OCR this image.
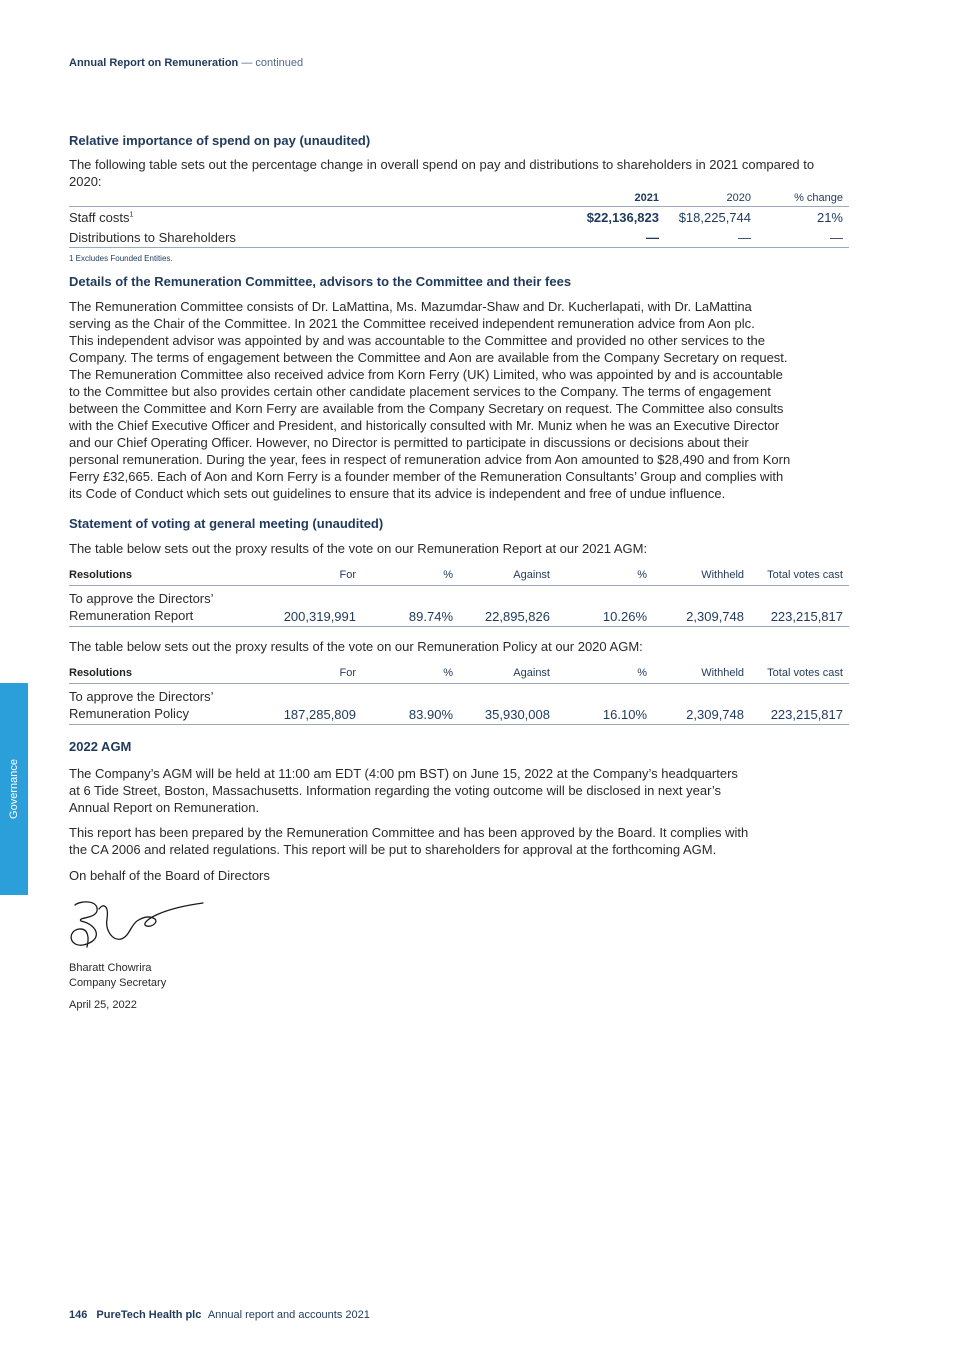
Annual Report on Remuneration — continued
Relative importance of spend on pay (unaudited)

The following table sets out the percentage change in overall spend on pay and distributions to shareholders in 2021 compared to 2020:

	2021	2020	% change
Staff costs$^1$	$22,136,823	$18,225,744	21%
Distributions to Shareholders	—	—	—
1 Excludes Founded Entities.
Details of the Remuneration Committee, advisors to the Committee and their fees
The Remuneration Committee consists of Dr. LaMattina, Ms. Mazumdar-Shaw and Dr. Kucherlapati, with Dr. LaMattina
serving as the Chair of the Committee. In 2021 the Committee received independent remuneration advice from Aon plc.
This independent advisor was appointed by and was accountable to the Committee and provided no other services to the
Company. The terms of engagement between the Committee and Aon are available from the Company Secretary on request.
The Remuneration Committee also received advice from Korn Ferry (UK) Limited, who was appointed by and is accountable
to the Committee but also provides certain other candidate placement services to the Company. The terms of engagement
between the Committee and Korn Ferry are available from the Company Secretary on request. The Committee also consults
with the Chief Executive Officer and President, and historically consulted with Mr. Muniz when he was an Executive Director
and our Chief Operating Officer. However, no Director is permitted to participate in discussions or decisions about their
personal remuneration. During the year, fees in respect of remuneration advice from Aon amounted to $28,490 and from Korn
Ferry £32,665. Each of Aon and Korn Ferry is a founder member of the Remuneration Consultants’ Group and complies with
its Code of Conduct which sets out guidelines to ensure that its advice is independent and free of undue influence.
Statement of voting at general meeting (unaudited)

The table below sets out the proxy results of the vote on our Remuneration Report at our 2021 AGM:

Resolutions	For	%	Against	%	Withheld	Total votes cast

To approve the Directors’
Remuneration Report	200,319,991	89.74%	22,895,826	10.26%	2,309,748	223,215,817

The table below sets out the proxy results of the vote on our Remuneration Policy at our 2020 AGM:

Resolutions	For	%	Against	%	Withheld	Total votes cast

To approve the Directors’
Remuneration Policy	187,285,809	83.90%	35,930,008	16.10%	2,309,748	223,215,817
2022 AGM
The Company’s AGM will be held at 11:00 am EDT (4:00 pm BST) on June 15, 2022 at the Company’s headquarters
at 6 Tide Street, Boston, Massachusetts. Information regarding the voting outcome will be disclosed in next year’s
Annual Report on Remuneration.
This report has been prepared by the Remuneration Committee and has been approved by the Board. It complies with
the CA 2006 and related regulations. This report will be put to shareholders for approval at the forthcoming AGM.

On behalf of the Board of Directors

Bharatt Chowrira
Company Secretary
April 25, 2022
Governance
146 PureTech Health plc Annual report and accounts 2021
